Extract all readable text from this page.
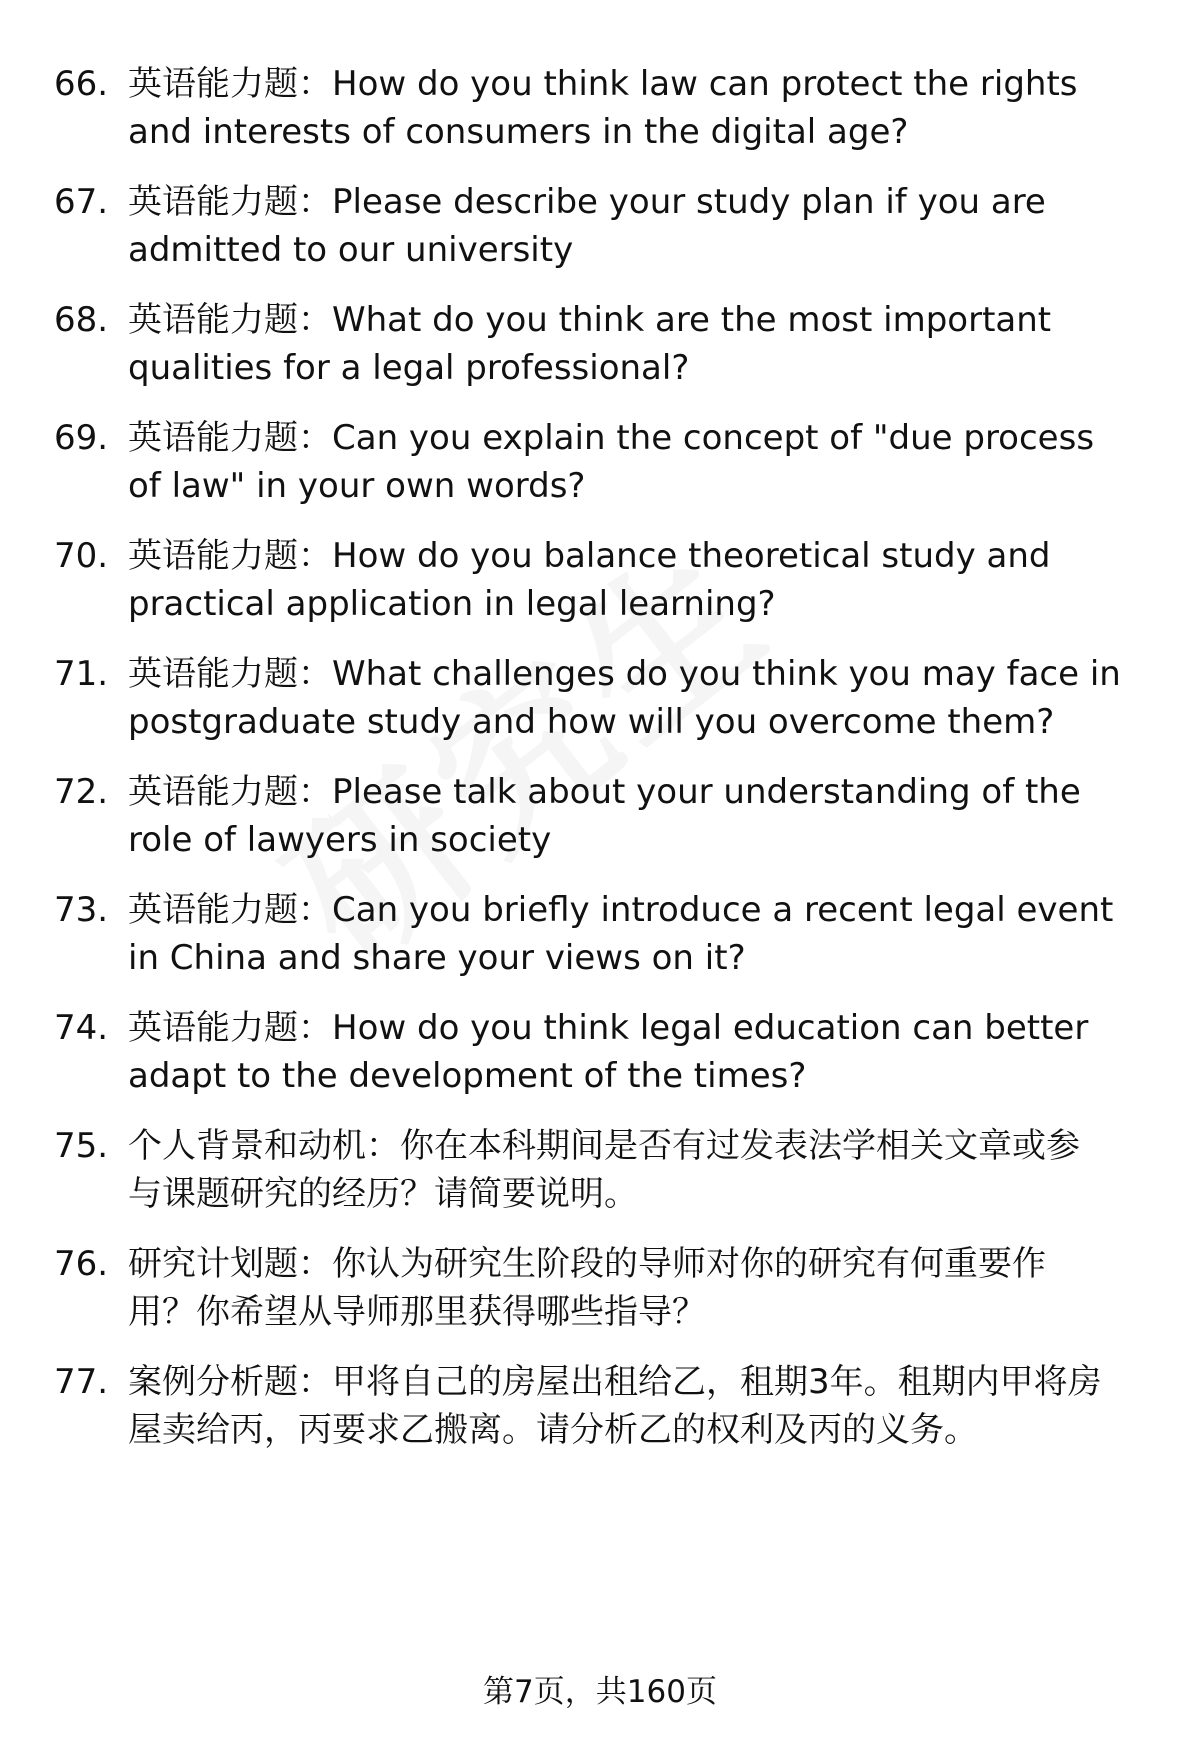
66. 英语能力题：How do you think law can protect the rights
and interests of consumers in the digital age?
67. 英语能力题：Please describe your study plan if you are
admitted to our university
68. 英语能力题：What do you think are the most important
qualities for a legal professional?
69. 英语能力题：Can you explain the concept of "due process
of law" in your own words?
70. 英语能力题：How do you balance theoretical study and
practical application in legal learning?
71. 英语能力题：What challenges do you think you may face in
postgraduate study and how will you overcome them?
72. 英语能力题：Please talk about your understanding of the
role of lawyers in society
73. 英语能力题：Can you briefly introduce a recent legal event
in China and share your views on it?
74. 英语能力题：How do you think legal education can better
adapt to the development of the times?
75. 个人背景和动机：你在本科期间是否有过发表法学相关文章或参
与课题研究的经历？请简要说明。
76. 研究计划题：你认为研究生阶段的导师对你的研究有何重要作
用？你希望从导师那里获得哪些指导？
77. 案例分析题：甲将自己的房屋出租给乙，租期3年。租期内甲将房
屋卖给丙，丙要求乙搬离。请分析乙的权利及丙的义务。
第7页，共160页
